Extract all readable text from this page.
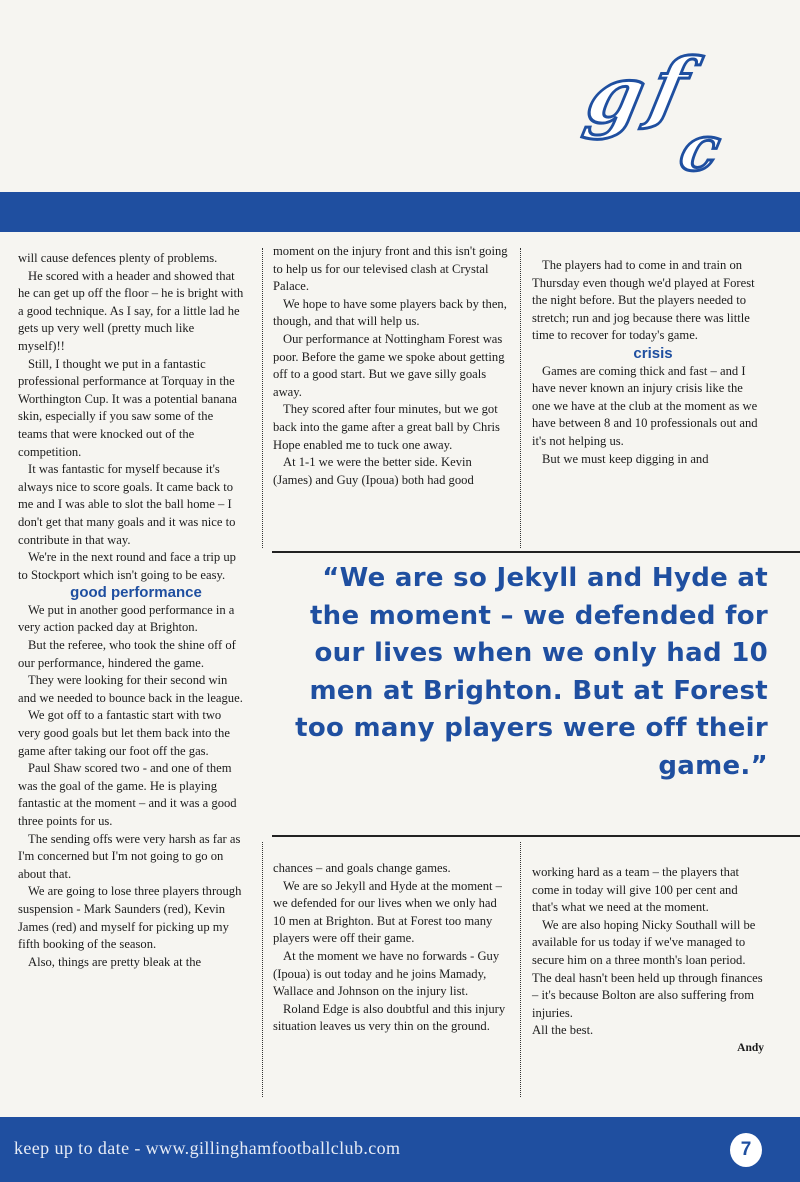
g
f
c

will cause defences plenty of problems.

He scored with a header and showed that he can get up off the floor – he is bright with a good technique. As I say, for a little lad he gets up very well (pretty much like myself)!!

Still, I thought we put in a fantastic professional performance at Torquay in the Worthington Cup. It was a potential banana skin, especially if you saw some of the teams that were knocked out of the competition.

It was fantastic for myself because it's always nice to score goals. It came back to me and I was able to slot the ball home – I don't get that many goals and it was nice to contribute in that way.

We're in the next round and face a trip up to Stockport which isn't going to be easy.

good performance

We put in another good performance in a very action packed day at Brighton.

But the referee, who took the shine off of our performance, hindered the game.

They were looking for their second win and we needed to bounce back in the league.

We got off to a fantastic start with two very good goals but let them back into the game after taking our foot off the gas.

Paul Shaw scored two - and one of them was the goal of the game. He is playing fantastic at the moment – and it was a good three points for us.

The sending offs were very harsh as far as I'm concerned but I'm not going to go on about that.

We are going to lose three players through suspension - Mark Saunders (red), Kevin James (red) and myself for picking up my fifth booking of the season.

Also, things are pretty bleak at the

moment on the injury front and this isn't going to help us for our televised clash at Crystal Palace.

We hope to have some players back by then, though, and that will help us.

Our performance at Nottingham Forest was poor. Before the game we spoke about getting off to a good start. But we gave silly goals away.

They scored after four minutes, but we got back into the game after a great ball by Chris Hope enabled me to tuck one away.

At 1-1 we were the better side. Kevin (James) and Guy (Ipoua) both had good

The players had to come in and train on Thursday even though we'd played at Forest the night before. But the players needed to stretch; run and jog because there was little time to recover for today's game.

crisis

Games are coming thick and fast – and I have never known an injury crisis like the one we have at the club at the moment as we have between 8 and 10 professionals out and it's not helping us.

But we must keep digging in and

“We are so Jekyll and Hyde at the moment – we defended for our lives when we only had 10 men at Brighton. But at Forest too many players were off their game.”

chances – and goals change games.

We are so Jekyll and Hyde at the moment – we defended for our lives when we only had 10 men at Brighton. But at Forest too many players were off their game.

At the moment we have no forwards - Guy (Ipoua) is out today and he joins Mamady, Wallace and Johnson on the injury list.

Roland Edge is also doubtful and this injury situation leaves us very thin on the ground.

working hard as a team – the players that come in today will give 100 per cent and that's what we need at the moment.

We are also hoping Nicky Southall will be available for us today if we've managed to secure him on a three month's loan period.

The deal hasn't been held up through finances – it's because Bolton are also suffering from injuries.

All the best.

Andy

keep up to date - www.gillinghamfootballclub.com	7
